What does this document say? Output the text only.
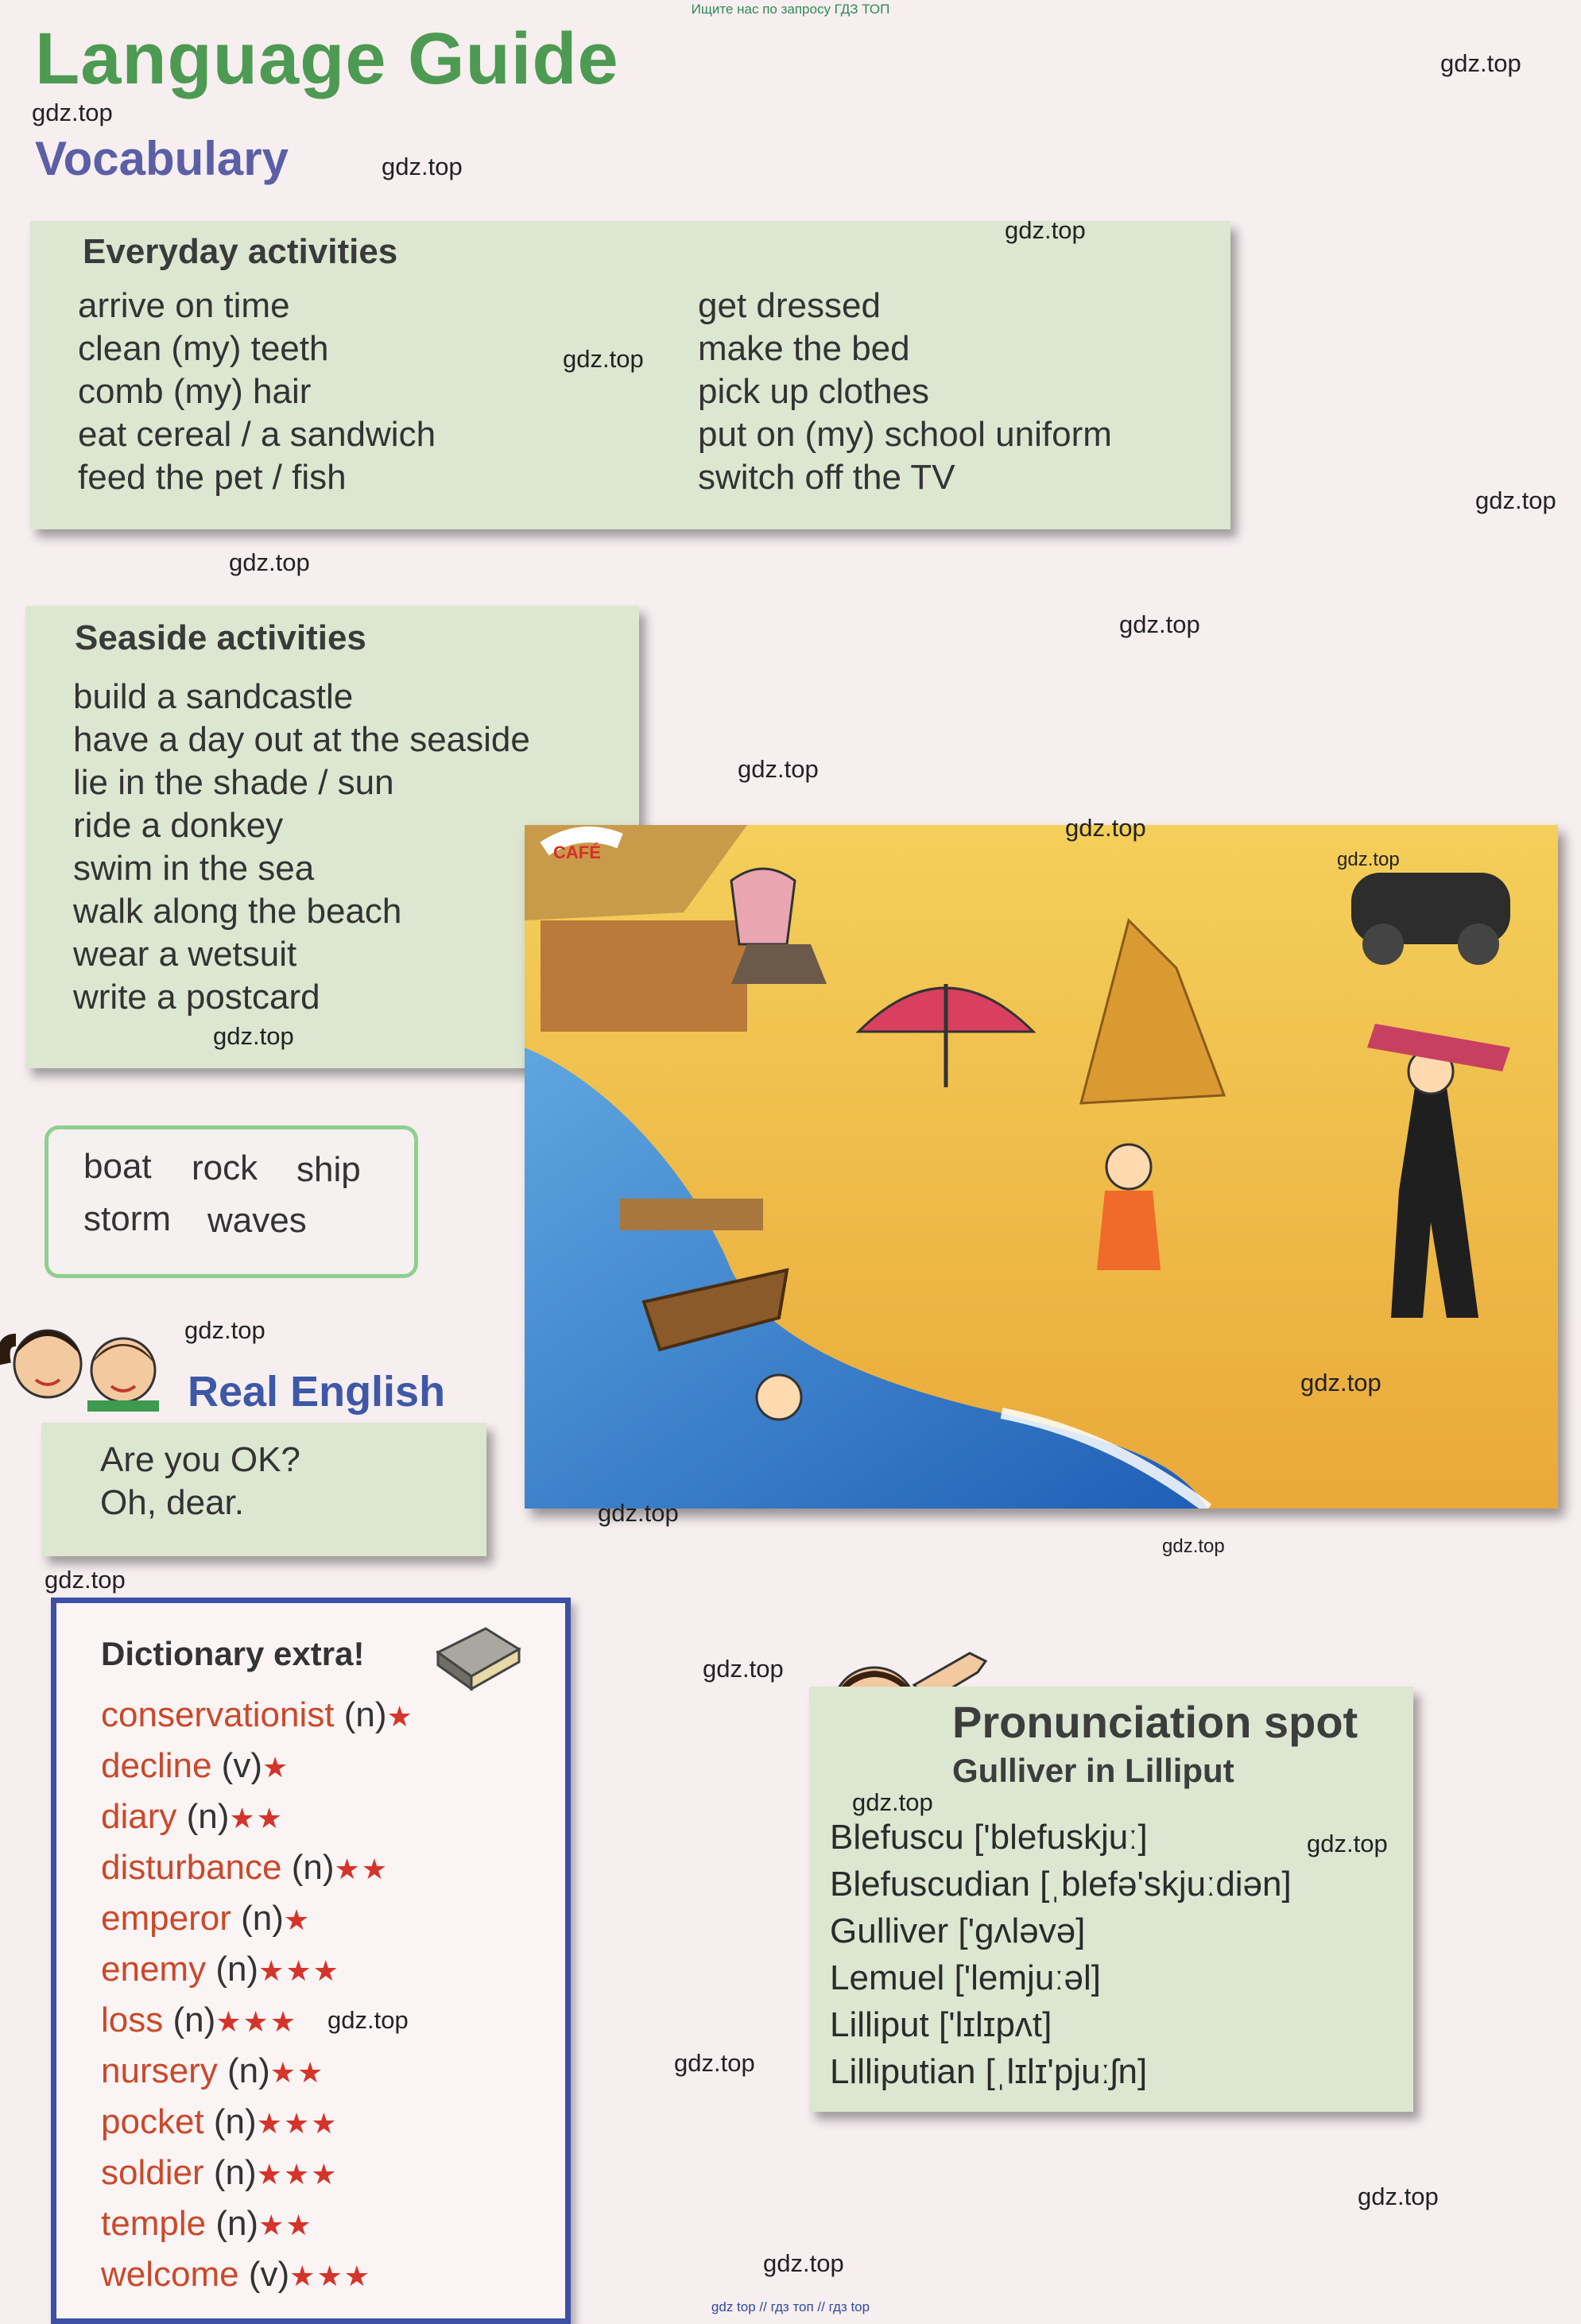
Ищите нас по запросу ГДЗ ТОП
Language Guide
Vocabulary
Everyday activities
arrive on time
clean (my) teeth
comb (my) hair
eat cereal / a sandwich
feed the pet / fish
get dressed
make the bed
pick up clothes
put on (my) school uniform
switch off the TV
Seaside activities
build a sandcastle
have a day out at the seaside
lie in the shade / sun
ride a donkey
swim in the sea
walk along the beach
wear a wetsuit
write a postcard
CAFÉ
boat rock ship
storm waves
Real English
Are you OK?
Oh, dear.
Dictionary extra!
conservationist (n)★
decline (v)★
diary (n)★★
disturbance (n)★★
emperor (n)★
enemy (n)★★★
loss (n)★★★
nursery (n)★★
pocket (n)★★★
soldier (n)★★★
temple (n)★★
welcome (v)★★★
Pronunciation spot
Gulliver in Lilliput
Blefuscu ['blefuskjuː]
Blefuscudian [ˌblefə'skjuːdiən]
Gulliver ['gʌləvə]
Lemuel ['lemjuːəl]
Lilliput ['lɪlɪpʌt]
Lilliputian [ˌlɪlɪ'pjuːʃn]
gdz.top
gdz.top
gdz.top
gdz.top
gdz.top
gdz.top
gdz.top
gdz.top
gdz.top
gdz.top
gdz.top
gdz.top
gdz.top
gdz.top
gdz.top
gdz.top
gdz.top
gdz.top
gdz.top
gdz.top
gdz.top
gdz.top
gdz.top
gdz.top
gdz top // гдз топ // гдз top
